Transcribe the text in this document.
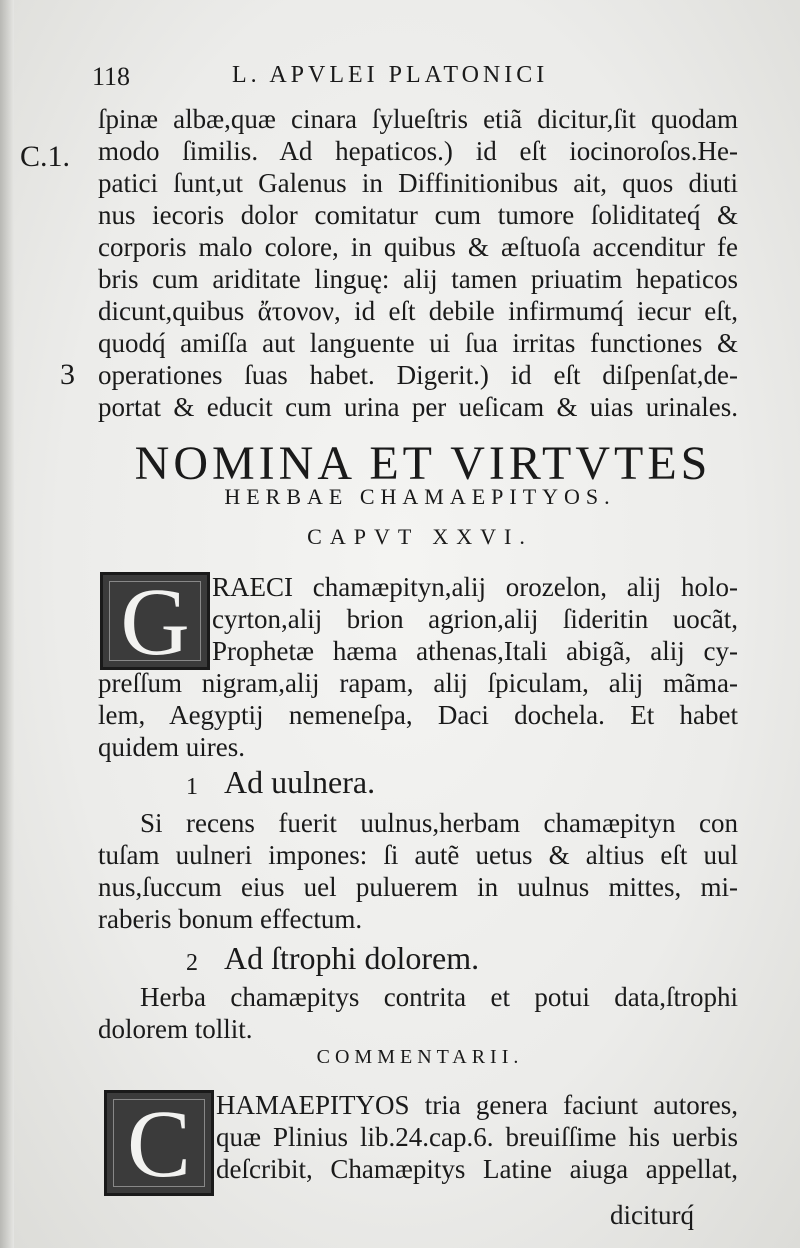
118	L. APVLEI PLATONICI
C.1.
3
ſpinæ albæ,quæ cinara ſylueſtris etiã dicitur,ſit quodam
modo ſimilis. Ad hepaticos.) id eſt iocinoroſos.He-
patici ſunt,ut Galenus in Diffinitionibus ait, quos diuti
nus iecoris dolor comitatur cum tumore ſoliditateq́ &
corporis malo colore, in quibus & æſtuoſa accenditur fe
bris cum ariditate linguę: alij tamen priuatim hepaticos
dicunt,quibus ἄτονον, id eſt debile infirmumq́ iecur eſt,
quodq́ amiſſa aut languente ui ſua irritas functiones &
operationes ſuas habet. Digerit.) id eſt diſpenſat,de-
portat & educit cum urina per ueſicam & uias urinales.
NOMINA ET VIRTVTES
HERBAE CHAMAEPITYOS.
CAPVT XXVI.
G RAECI chamæpityn,alij orozelon, alij holo-
cyrton,alij brion agrion,alij ſideritin uocãt,
Prophetæ hæma athenas,Itali abigã, alij cy-
preſſum nigram,alij rapam, alij ſpiculam, alij mãma-
lem, Aegyptij nemeneſpa, Daci dochela. Et habet
quidem uires.
1 Ad uulnera.
Si recens fuerit uulnus,herbam chamæpityn con
tuſam uulneri impones: ſi autẽ uetus & altius eſt uul
nus,ſuccum eius uel puluerem in uulnus mittes, mi-
raberis bonum effectum.
2 Ad ſtrophi dolorem.
Herba chamæpitys contrita et potui data,ſtrophi
dolorem tollit.
COMMENTARII.
C HAMAEPITYOS tria genera faciunt autores,
quæ Plinius lib.24.cap.6. breuiſſime his uerbis
deſcribit, Chamæpitys Latine aiuga appellat,
diciturq́
